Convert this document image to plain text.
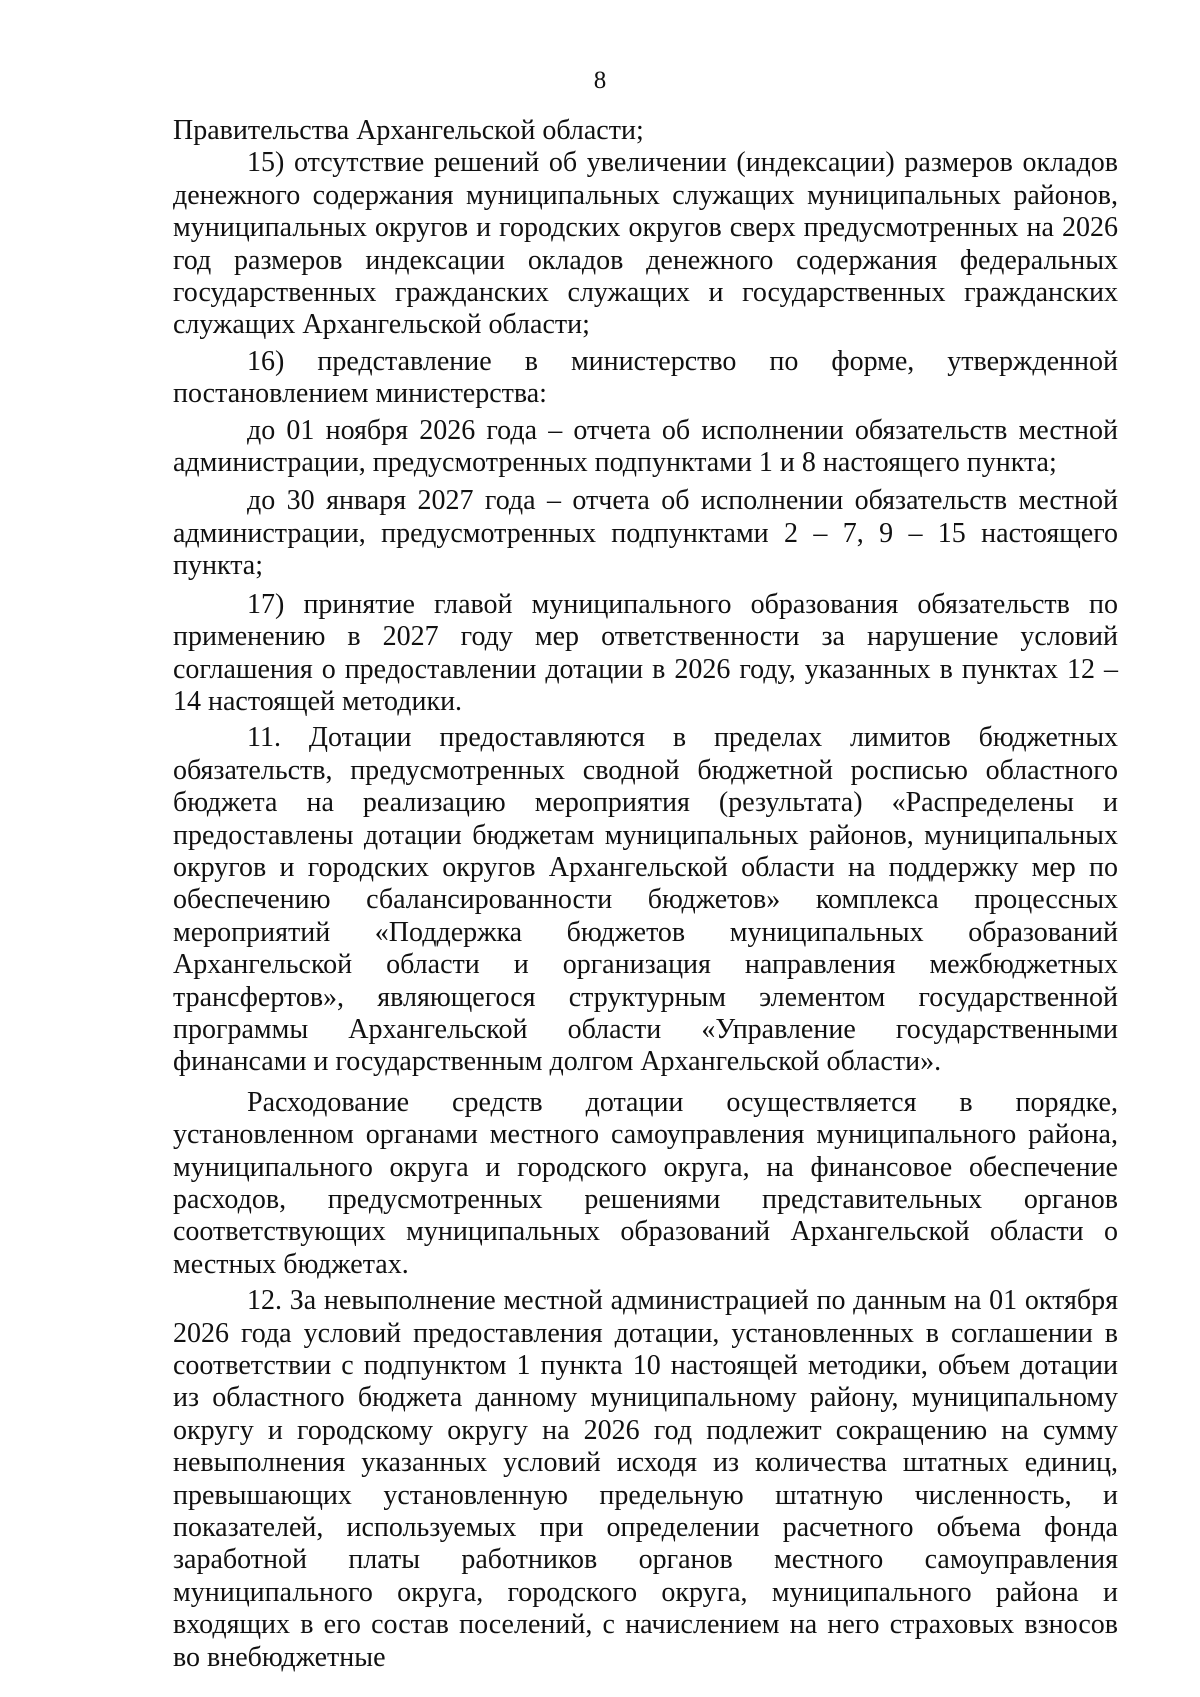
8

Правительства Архангельской области;

15) отсутствие решений об увеличении (индексации) размеров окладов денежного содержания муниципальных служащих муниципальных районов, муниципальных округов и городских округов сверх предусмотренных на 2026 год размеров индексации окладов денежного содержания федеральных государственных гражданских служащих и государственных гражданских служащих Архангельской области;

16) представление в министерство по форме, утвержденной постановлением министерства:

до 01 ноября 2026 года – отчета об исполнении обязательств местной администрации, предусмотренных подпунктами 1 и 8 настоящего пункта;

до 30 января 2027 года – отчета об исполнении обязательств местной администрации, предусмотренных подпунктами 2 – 7, 9 – 15 настоящего пункта;

17) принятие главой муниципального образования обязательств по применению в 2027 году мер ответственности за нарушение условий соглашения о предоставлении дотации в 2026 году, указанных в пунктах 12 – 14 настоящей методики.

11. Дотации предоставляются в пределах лимитов бюджетных обязательств, предусмотренных сводной бюджетной росписью областного бюджета на реализацию мероприятия (результата) «Распределены и предоставлены дотации бюджетам муниципальных районов, муниципальных округов и городских округов Архангельской области на поддержку мер по обеспечению сбалансированности бюджетов» комплекса процессных мероприятий «Поддержка бюджетов муниципальных образований Архангельской области и организация направления межбюджетных трансфертов», являющегося структурным элементом государственной программы Архангельской области «Управление государственными финансами и государственным долгом Архангельской области».

Расходование средств дотации осуществляется в порядке, установленном органами местного самоуправления муниципального района, муниципального округа и городского округа, на финансовое обеспечение расходов, предусмотренных решениями представительных органов соответствующих муниципальных образований Архангельской области о местных бюджетах.

12. За невыполнение местной администрацией по данным на 01 октября 2026 года условий предоставления дотации, установленных в соглашении в соответствии с подпунктом 1 пункта 10 настоящей методики, объем дотации из областного бюджета данному муниципальному району, муниципальному округу и городскому округу на 2026 год подлежит сокращению на сумму невыполнения указанных условий исходя из количества штатных единиц, превышающих установленную предельную штатную численность, и показателей, используемых при определении расчетного объема фонда заработной платы работников органов местного самоуправления муниципального округа, городского округа, муниципального района и входящих в его состав поселений, с начислением на него страховых взносов во внебюджетные
